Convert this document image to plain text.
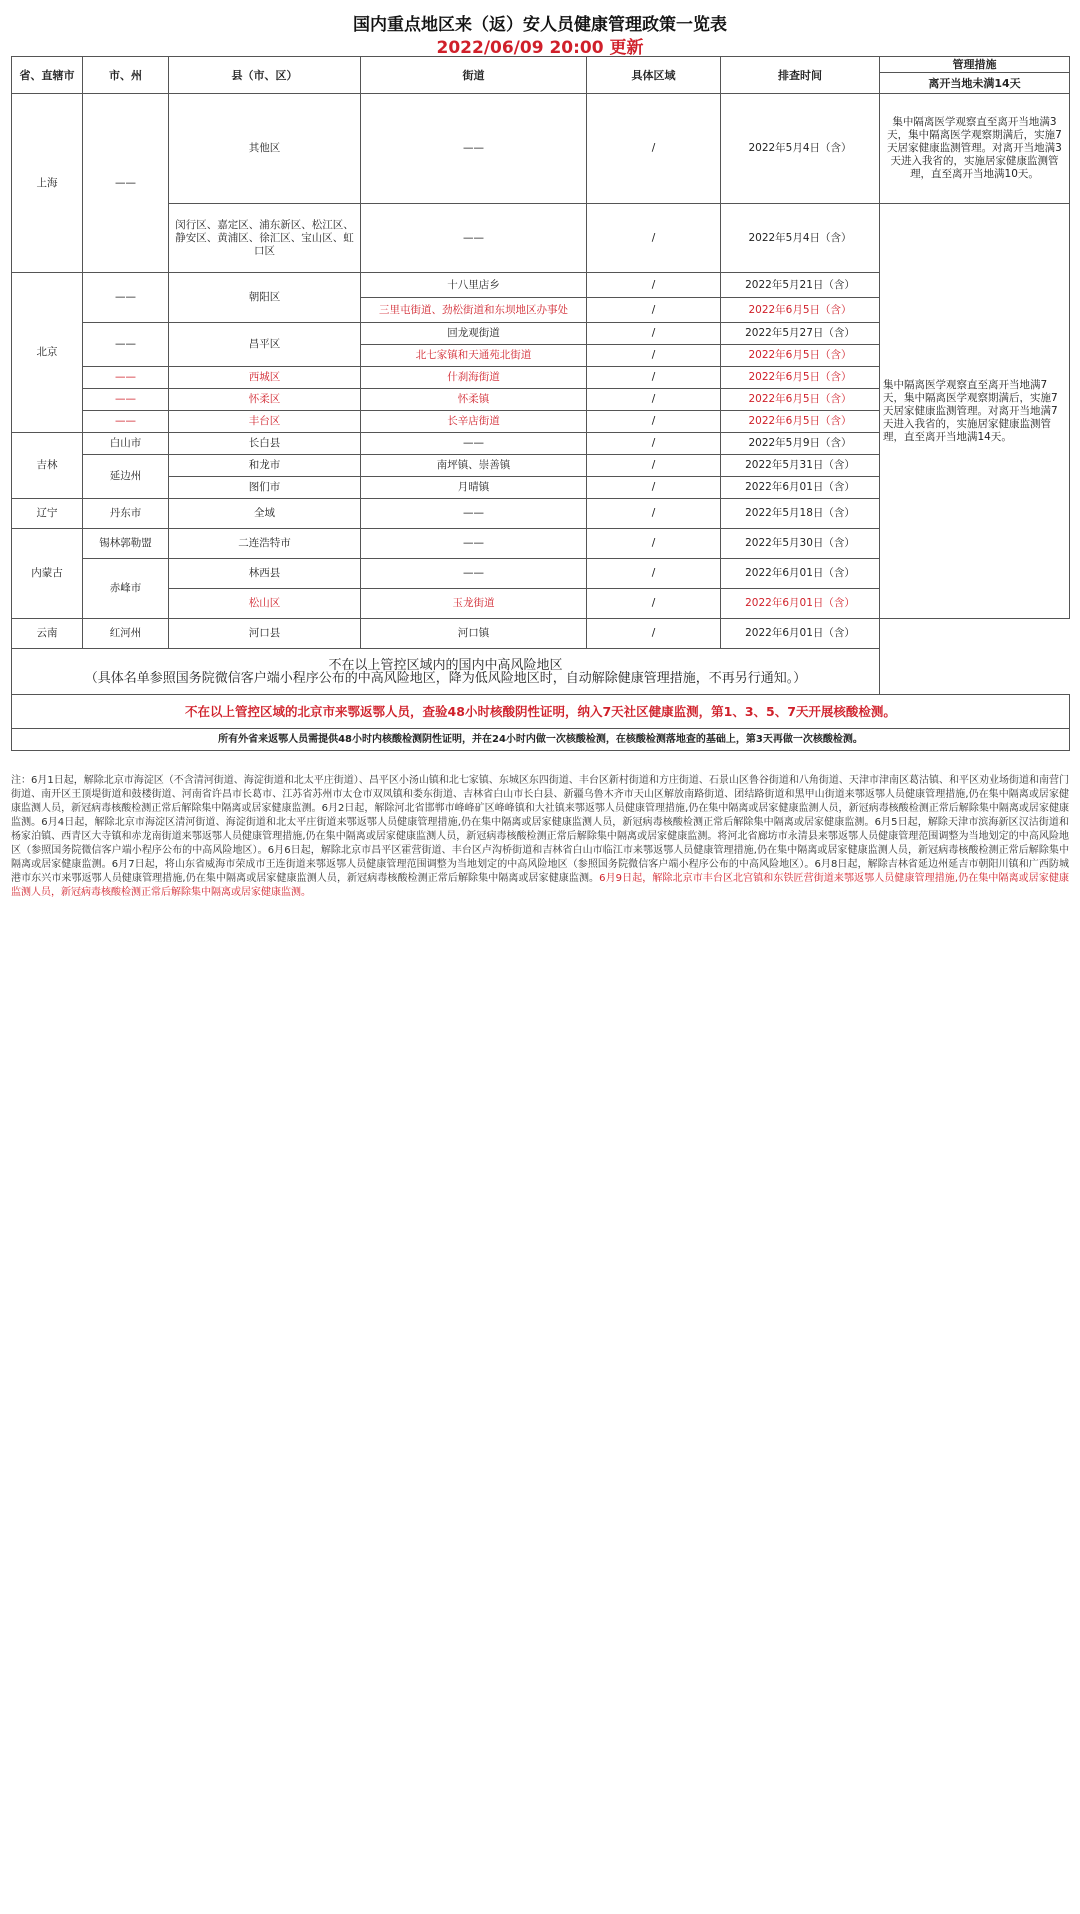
国内重点地区来（返）安人员健康管理政策一览表
2022/06/09 20:00 更新
省、直辖市	市、州	县（市、区）	街道	具体区域	排查时间	管理措施
						离开当地未满14天
上海	——	其他区	——	/	2022年5月4日（含）	集中隔离医学观察直至离开当地满3天，集中隔离医学观察期满后，实施7天居家健康监测管理。对离开当地满3天进入我省的，实施居家健康监测管理，直至离开当地满10天。
		闵行区、嘉定区、浦东新区、松江区、静安区、黄浦区、徐汇区、宝山区、虹口区	——	/	2022年5月4日（含）	集中隔离医学观察直至离开当地满7天，集中隔离医学观察期满后，实施7天居家健康监测管理。对离开当地满7天进入我省的，实施居家健康监测管理，直至离开当地满14天。
北京	——	朝阳区	十八里店乡	/	2022年5月21日（含）	
			三里屯街道、劲松街道和东坝地区办事处	/	2022年6月5日（含）	
	——	昌平区	回龙观街道	/	2022年5月27日（含）	
			北七家镇和天通苑北街道	/	2022年6月5日（含）	
	——	西城区	什刹海街道	/	2022年6月5日（含）	
	——	怀柔区	怀柔镇	/	2022年6月5日（含）	
	——	丰台区	长辛店街道	/	2022年6月5日（含）	
吉林	白山市	长白县	——	/	2022年5月9日（含）	
	延边州	和龙市	南坪镇、崇善镇	/	2022年5月31日（含）	
		图们市	月晴镇	/	2022年6月01日（含）	
辽宁	丹东市	全域	——	/	2022年5月18日（含）	
内蒙古	锡林郭勒盟	二连浩特市	——	/	2022年5月30日（含）	
	赤峰市	林西县	——	/	2022年6月01日（含）	
		松山区	玉龙街道	/	2022年6月01日（含）	
云南	红河州	河口县	河口镇	/	2022年6月01日（含）	

不在以上管控区域内的国内中高风险地区
（具体名单参照国务院微信客户端小程序公布的中高风险地区，降为低风险地区时，自动解除健康管理措施，不再另行通知。）						

不在以上管控区域的北京市来鄂返鄂人员，查验48小时核酸阴性证明，纳入7天社区健康监测，第1、3、5、7天开展核酸检测。						
所有外省来返鄂人员需提供48小时内核酸检测阴性证明，并在24小时内做一次核酸检测，在核酸检测落地查的基础上，第3天再做一次核酸检测。						
注：6月1日起，解除北京市海淀区（不含清河街道、海淀街道和北太平庄街道）、昌平区小汤山镇和北七家镇、东城区东四街道、丰台区新村街道和方庄街道、石景山区鲁谷街道和八角街道、天津市津南区葛沽镇、和平区劝业场街道和南营门街道、南开区王顶堤街道和鼓楼街道、河南省许昌市长葛市、江苏省苏州市太仓市双凤镇和娄东街道、吉林省白山市长白县、新疆乌鲁木齐市天山区解放南路街道、团结路街道和黑甲山街道来鄂返鄂人员健康管理措施,仍在集中隔离或居家健康监测人员，新冠病毒核酸检测正常后解除集中隔离或居家健康监测。6月2日起，解除河北省邯郸市峰峰矿区峰峰镇和大社镇来鄂返鄂人员健康管理措施,仍在集中隔离或居家健康监测人员，新冠病毒核酸检测正常后解除集中隔离或居家健康监测。6月4日起，解除北京市海淀区清河街道、海淀街道和北太平庄街道来鄂返鄂人员健康管理措施,仍在集中隔离或居家健康监测人员，新冠病毒核酸检测正常后解除集中隔离或居家健康监测。6月5日起，解除天津市滨海新区汉沽街道和杨家泊镇、西青区大寺镇和赤龙南街道来鄂返鄂人员健康管理措施,仍在集中隔离或居家健康监测人员，新冠病毒核酸检测正常后解除集中隔离或居家健康监测。将河北省廊坊市永清县来鄂返鄂人员健康管理范围调整为当地划定的中高风险地区（参照国务院微信客户端小程序公布的中高风险地区）。6月6日起，解除北京市昌平区霍营街道、丰台区卢沟桥街道和吉林省白山市临江市来鄂返鄂人员健康管理措施,仍在集中隔离或居家健康监测人员，新冠病毒核酸检测正常后解除集中隔离或居家健康监测。6月7日起，将山东省威海市荣成市王连街道来鄂返鄂人员健康管理范围调整为当地划定的中高风险地区（参照国务院微信客户端小程序公布的中高风险地区）。6月8日起，解除吉林省延边州延吉市朝阳川镇和广西防城港市东兴市来鄂返鄂人员健康管理措施,仍在集中隔离或居家健康监测人员，新冠病毒核酸检测正常后解除集中隔离或居家健康监测。6月9日起，解除北京市丰台区北宫镇和东铁匠营街道来鄂返鄂人员健康管理措施,仍在集中隔离或居家健康监测人员，新冠病毒核酸检测正常后解除集中隔离或居家健康监测。
